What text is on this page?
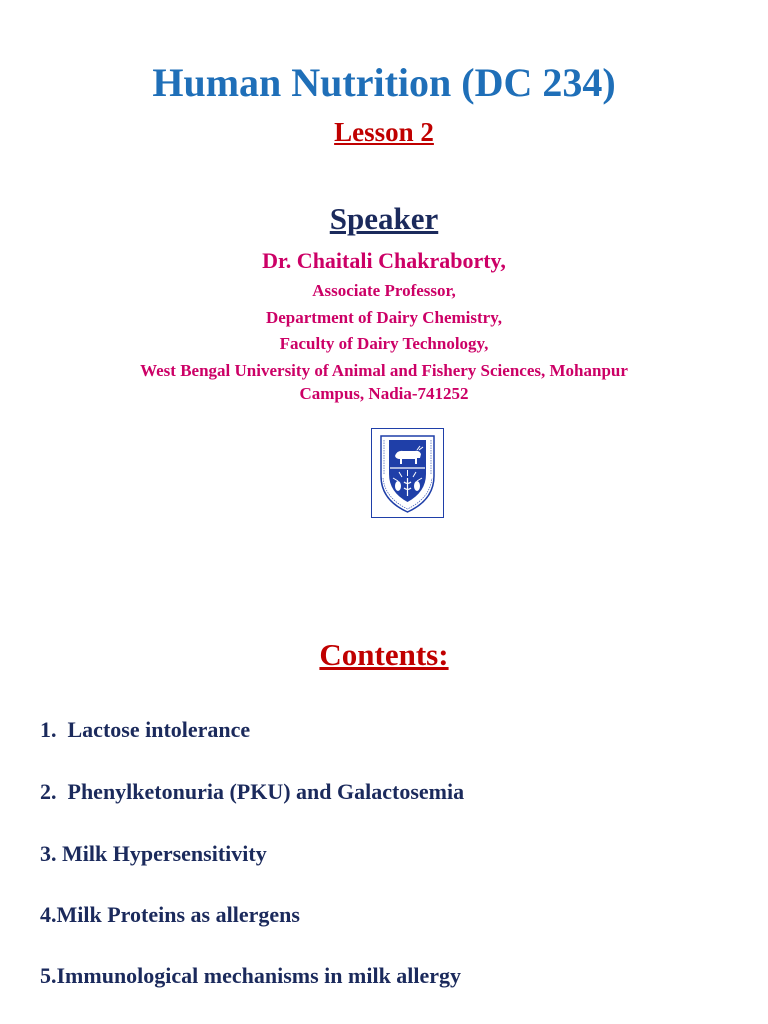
Human Nutrition (DC 234)
Lesson 2
Speaker
Dr. Chaitali Chakraborty,
Associate Professor,
Department of Dairy Chemistry,
Faculty of Dairy Technology,
West Bengal University of Animal and Fishery Sciences, Mohanpur
Campus, Nadia-741252
Contents:
1. Lactose intolerance
2. Phenylketonuria (PKU) and Galactosemia
3. Milk Hypersensitivity
4.Milk Proteins as allergens
5.Immunological mechanisms in milk allergy
